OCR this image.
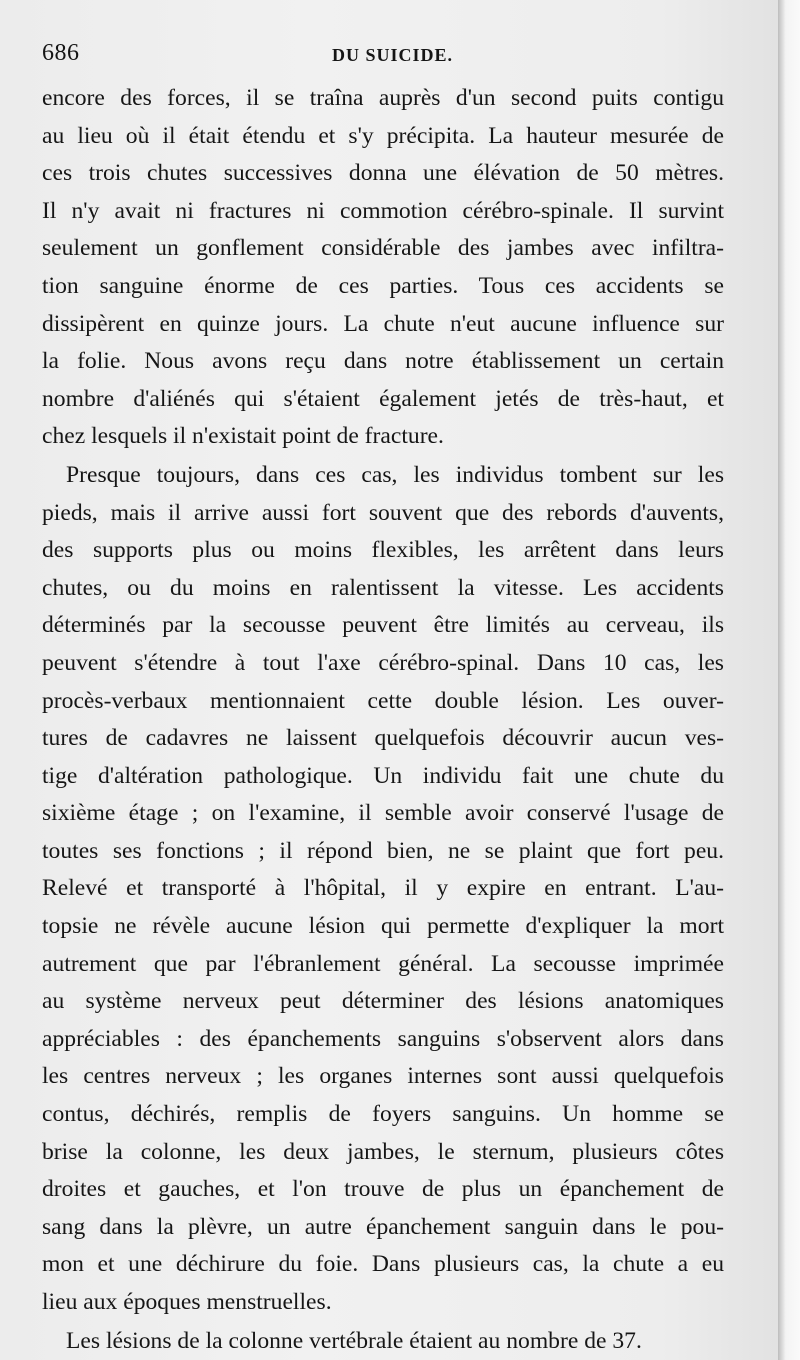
686	DU SUICIDE.
encore des forces, il se traîna auprès d'un second puits contigu
au lieu où il était étendu et s'y précipita. La hauteur mesurée de
ces trois chutes successives donna une élévation de 50 mètres.
Il n'y avait ni fractures ni commotion cérébro-spinale. Il survint
seulement un gonflement considérable des jambes avec infiltra-
tion sanguine énorme de ces parties. Tous ces accidents se
dissipèrent en quinze jours. La chute n'eut aucune influence sur
la folie. Nous avons reçu dans notre établissement un certain
nombre d'aliénés qui s'étaient également jetés de très-haut, et
chez lesquels il n'existait point de fracture.
Presque toujours, dans ces cas, les individus tombent sur les
pieds, mais il arrive aussi fort souvent que des rebords d'auvents,
des supports plus ou moins flexibles, les arrêtent dans leurs
chutes, ou du moins en ralentissent la vitesse. Les accidents
déterminés par la secousse peuvent être limités au cerveau, ils
peuvent s'étendre à tout l'axe cérébro-spinal. Dans 10 cas, les
procès-verbaux mentionnaient cette double lésion. Les ouver-
tures de cadavres ne laissent quelquefois découvrir aucun ves-
tige d'altération pathologique. Un individu fait une chute du
sixième étage ; on l'examine, il semble avoir conservé l'usage de
toutes ses fonctions ; il répond bien, ne se plaint que fort peu.
Relevé et transporté à l'hôpital, il y expire en entrant. L'au-
topsie ne révèle aucune lésion qui permette d'expliquer la mort
autrement que par l'ébranlement général. La secousse imprimée
au système nerveux peut déterminer des lésions anatomiques
appréciables : des épanchements sanguins s'observent alors dans
les centres nerveux ; les organes internes sont aussi quelquefois
contus, déchirés, remplis de foyers sanguins. Un homme se
brise la colonne, les deux jambes, le sternum, plusieurs côtes
droites et gauches, et l'on trouve de plus un épanchement de
sang dans la plèvre, un autre épanchement sanguin dans le pou-
mon et une déchirure du foie. Dans plusieurs cas, la chute a eu
lieu aux époques menstruelles.
Les lésions de la colonne vertébrale étaient au nombre de 37.
